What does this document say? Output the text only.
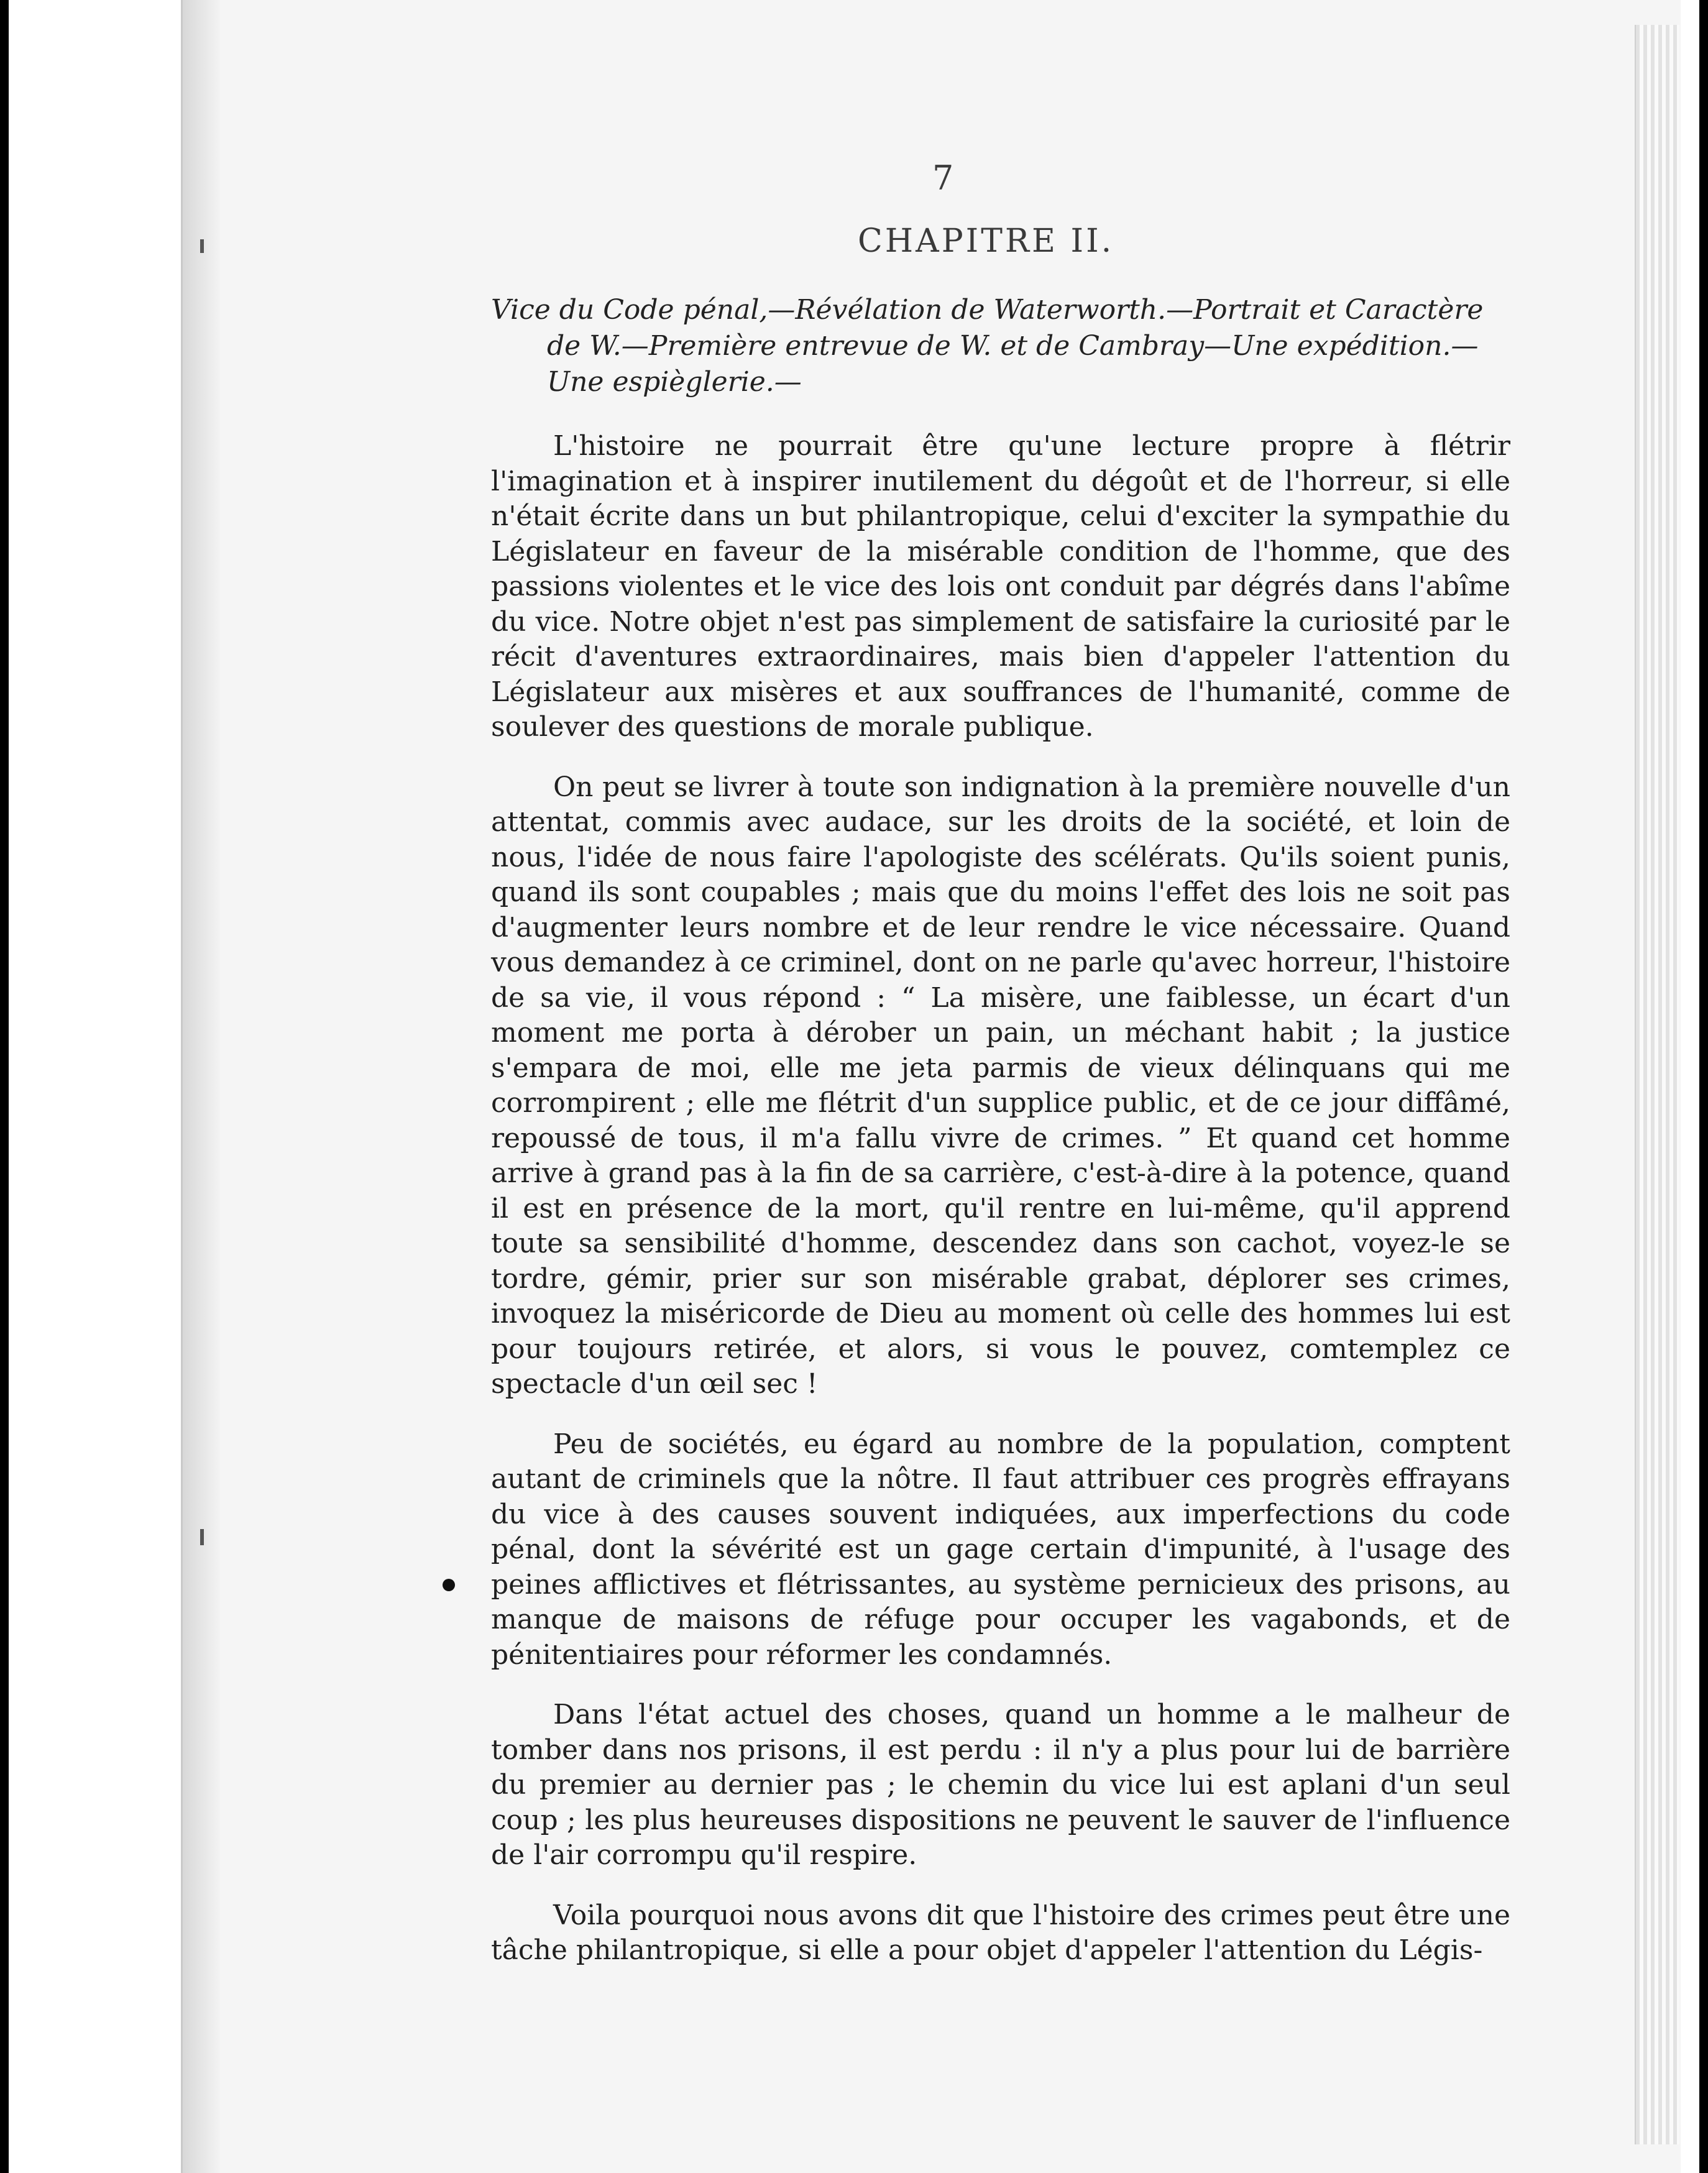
7
CHAPITRE II.
Vice du Code pénal,—Révélation de Waterworth.—Portrait et Caractère de W.—Première entrevue de W. et de Cambray—Une expédition.—Une espièglerie.—

L'histoire ne pourrait être qu'une lecture propre à flétrir l'imagination et à inspirer inutilement du dégoût et de l'horreur, si elle n'était écrite dans un but philantropique, celui d'exciter la sympathie du Législateur en faveur de la misérable condition de l'homme, que des passions violentes et le vice des lois ont conduit par dégrés dans l'abîme du vice. Notre objet n'est pas simplement de satisfaire la curiosité par le récit d'aventures extraordinaires, mais bien d'appeler l'attention du Législateur aux misères et aux souffrances de l'humanité, comme de soulever des questions de morale publique.

On peut se livrer à toute son indignation à la première nouvelle d'un attentat, commis avec audace, sur les droits de la société, et loin de nous, l'idée de nous faire l'apologiste des scélérats. Qu'ils soient punis, quand ils sont coupables ; mais que du moins l'effet des lois ne soit pas d'augmenter leurs nombre et de leur rendre le vice nécessaire. Quand vous demandez à ce criminel, dont on ne parle qu'avec horreur, l'histoire de sa vie, il vous répond : “ La misère, une faiblesse, un écart d'un moment me porta à dérober un pain, un méchant habit ; la justice s'empara de moi, elle me jeta parmis de vieux délinquans qui me corrompirent ; elle me flétrit d'un supplice public, et de ce jour diffâmé, repoussé de tous, il m'a fallu vivre de crimes. ” Et quand cet homme arrive à grand pas à la fin de sa carrière, c'est-à-dire à la potence, quand il est en présence de la mort, qu'il rentre en lui-même, qu'il apprend toute sa sensibilité d'homme, descendez dans son cachot, voyez-le se tordre, gémir, prier sur son misérable grabat, déplorer ses crimes, invoquez la miséricorde de Dieu au moment où celle des hommes lui est pour toujours retirée, et alors, si vous le pouvez, comtemplez ce spectacle d'un œil sec !

Peu de sociétés, eu égard au nombre de la population, comptent autant de criminels que la nôtre. Il faut attribuer ces progrès effrayans du vice à des causes souvent indiquées, aux imperfections du code pénal, dont la sévérité est un gage certain d'impunité, à l'usage des peines afflictives et flétrissantes, au système pernicieux des prisons, au manque de maisons de réfuge pour occuper les vagabonds, et de pénitentiaires pour réformer les condamnés.

Dans l'état actuel des choses, quand un homme a le malheur de tomber dans nos prisons, il est perdu : il n'y a plus pour lui de barrière du premier au dernier pas ; le chemin du vice lui est aplani d'un seul coup ; les plus heureuses dispositions ne peuvent le sauver de l'influence de l'air corrompu qu'il respire.

Voila pourquoi nous avons dit que l'histoire des crimes peut être une tâche philantropique, si elle a pour objet d'appeler l'attention du Légis-
